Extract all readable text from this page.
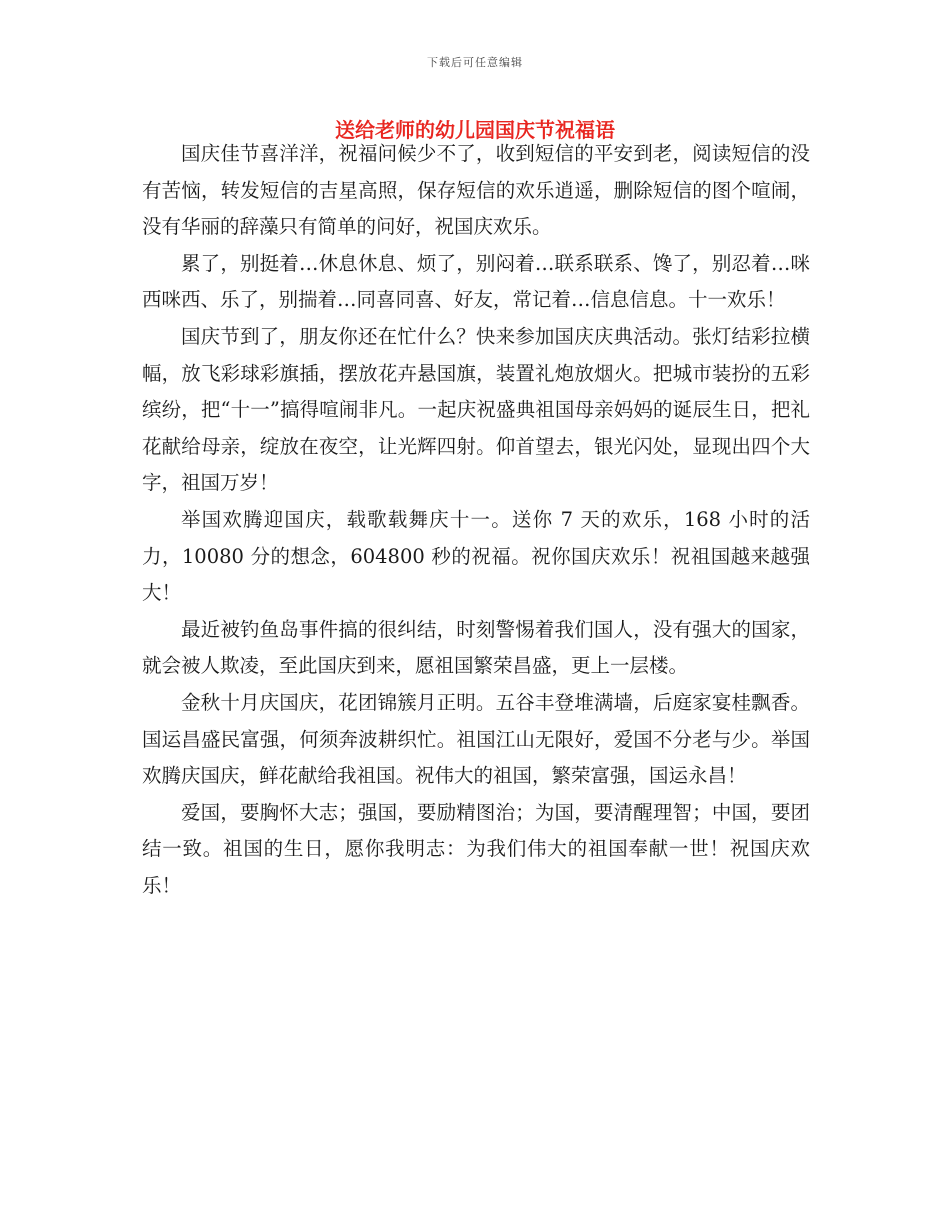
下载后可任意编辑
送给老师的幼儿园国庆节祝福语

国庆佳节喜洋洋，祝福问候少不了，收到短信的平安到老，阅读短信的没有苦恼，转发短信的吉星高照，保存短信的欢乐逍遥，删除短信的图个喧闹，没有华丽的辞藻只有简单的问好，祝国庆欢乐。

累了，别挺着…休息休息、烦了，别闷着…联系联系、馋了，别忍着…咪西咪西、乐了，别揣着…同喜同喜、好友，常记着…信息信息。十一欢乐！

国庆节到了，朋友你还在忙什么？快来参加国庆庆典活动。张灯结彩拉横幅，放飞彩球彩旗插，摆放花卉悬国旗，装置礼炮放烟火。把城市装扮的五彩缤纷，把“十一”搞得喧闹非凡。一起庆祝盛典祖国母亲妈妈的诞辰生日，把礼花献给母亲，绽放在夜空，让光辉四射。仰首望去，银光闪处，显现出四个大字，祖国万岁！

举国欢腾迎国庆，载歌载舞庆十一。送你 7 天的欢乐，168 小时的活力，10080 分的想念，604800 秒的祝福。祝你国庆欢乐！祝祖国越来越强大！

最近被钓鱼岛事件搞的很纠结，时刻警惕着我们国人，没有强大的国家，就会被人欺凌，至此国庆到来，愿祖国繁荣昌盛，更上一层楼。

金秋十月庆国庆，花团锦簇月正明。五谷丰登堆满墙，后庭家宴桂飘香。国运昌盛民富强，何须奔波耕织忙。祖国江山无限好，爱国不分老与少。举国欢腾庆国庆，鲜花献给我祖国。祝伟大的祖国，繁荣富强，国运永昌！

爱国，要胸怀大志；强国，要励精图治；为国，要清醒理智；中国，要团结一致。祖国的生日，愿你我明志：为我们伟大的祖国奉献一世！祝国庆欢乐！
